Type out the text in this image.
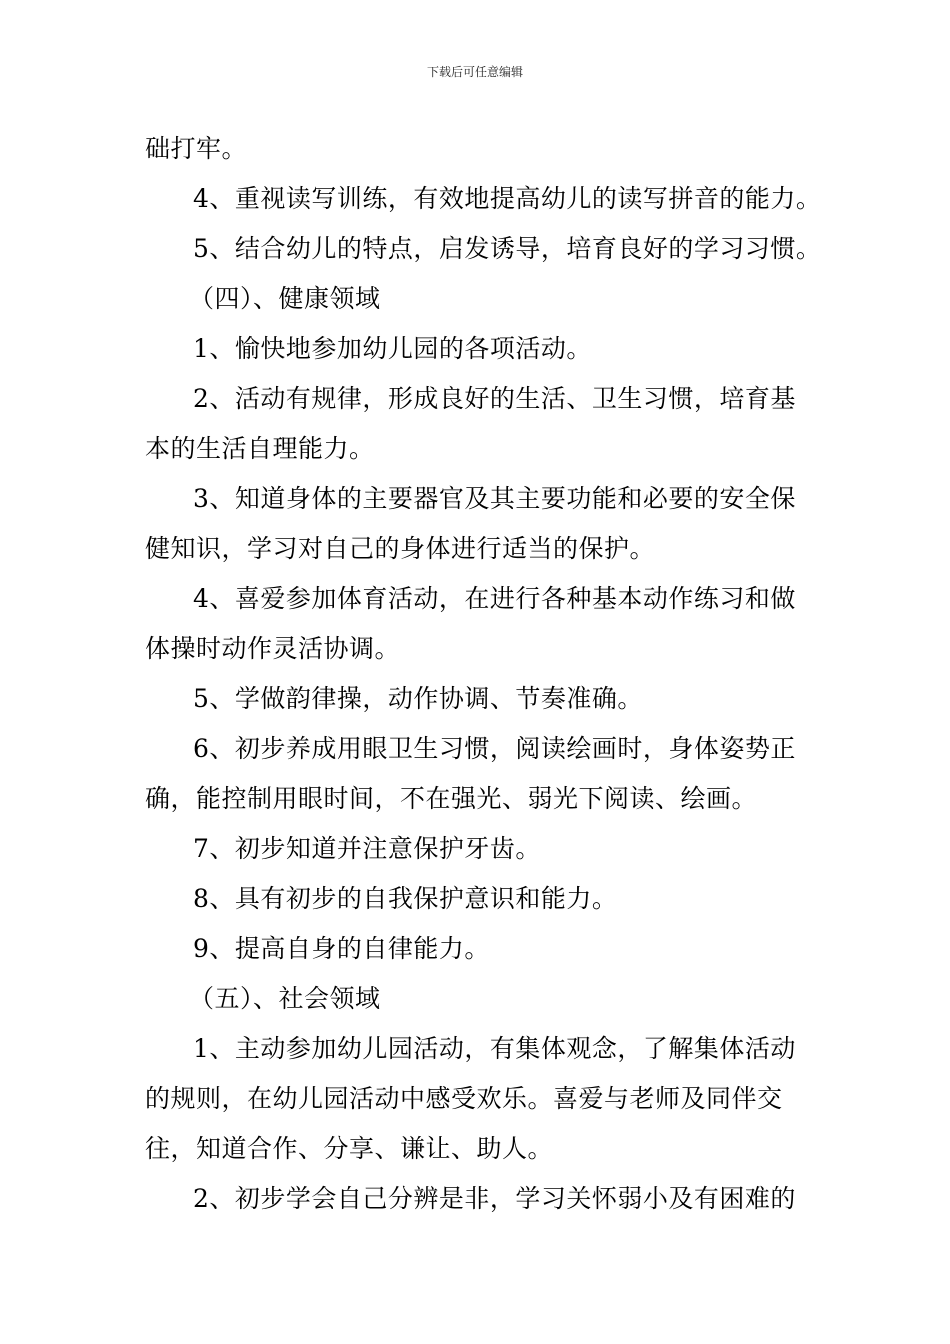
下载后可任意编辑

础打牢。

4、重视读写训练，有效地提高幼儿的读写拼音的能力。

5、结合幼儿的特点，启发诱导，培育良好的学习习惯。

（四）、健康领域

1、愉快地参加幼儿园的各项活动。

2、活动有规律，形成良好的生活、卫生习惯，培育基

本的生活自理能力。

3、知道身体的主要器官及其主要功能和必要的安全保

健知识，学习对自己的身体进行适当的保护。

4、喜爱参加体育活动，在进行各种基本动作练习和做

体操时动作灵活协调。

5、学做韵律操，动作协调、节奏准确。

6、初步养成用眼卫生习惯，阅读绘画时，身体姿势正

确，能控制用眼时间，不在强光、弱光下阅读、绘画。

7、初步知道并注意保护牙齿。

8、具有初步的自我保护意识和能力。

9、提高自身的自律能力。

（五）、社会领域

1、主动参加幼儿园活动，有集体观念，了解集体活动

的规则，在幼儿园活动中感受欢乐。喜爱与老师及同伴交

往，知道合作、分享、谦让、助人。

2、初步学会自己分辨是非，学习关怀弱小及有困难的
